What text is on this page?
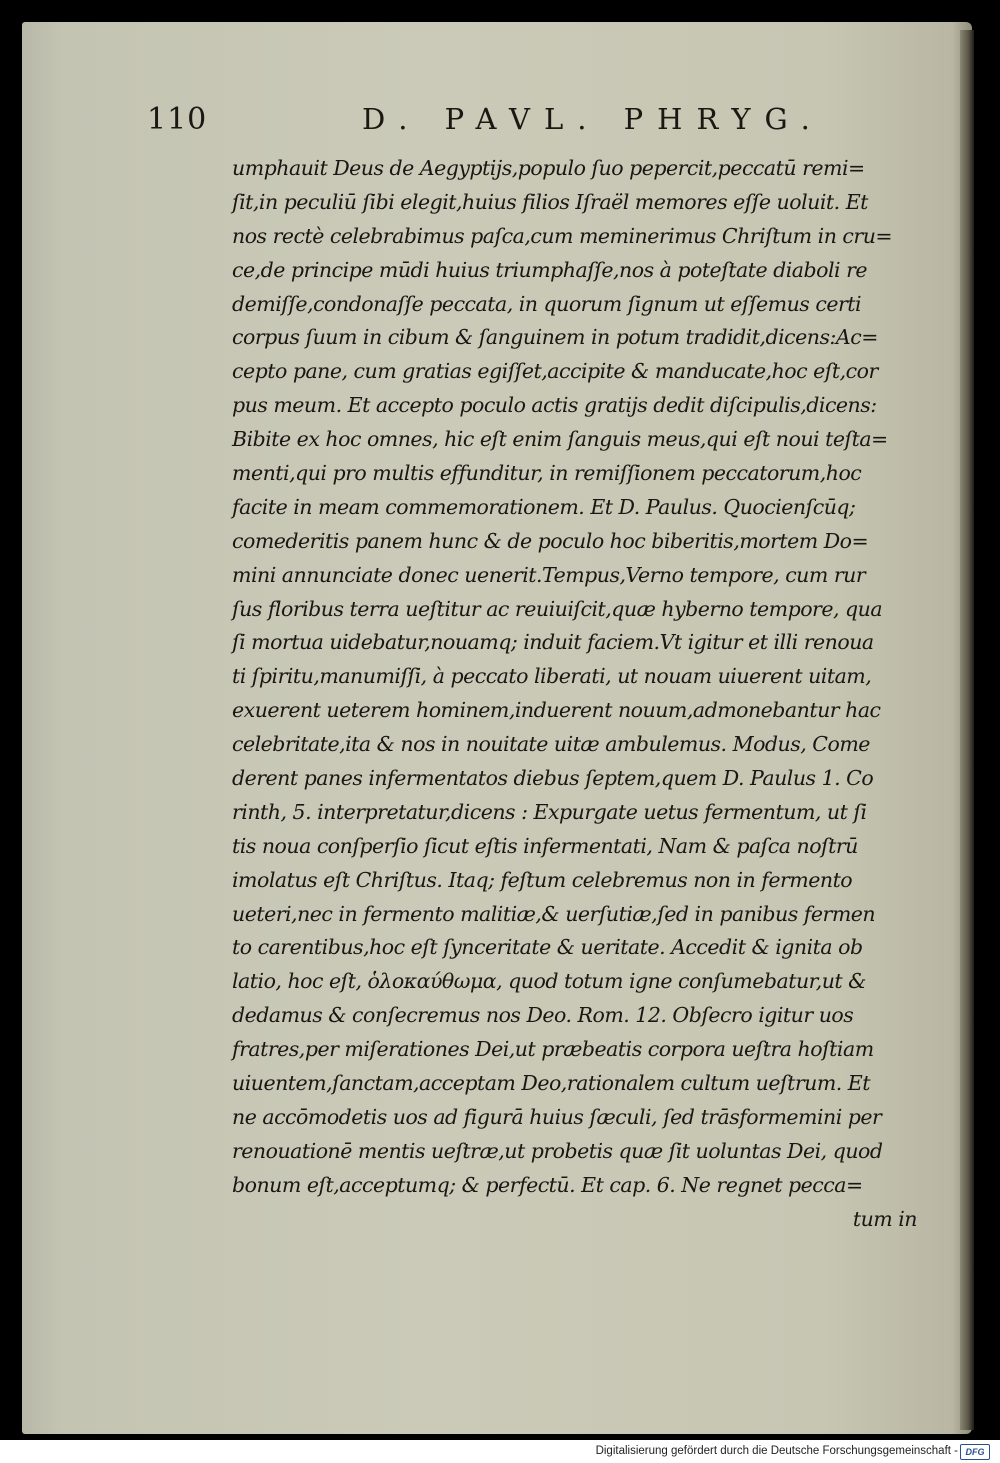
110	D. PAVL. PHRYG.
umphauit Deus de Aegyptijs,populo ſuo pepercit,peccatū remi=
ſit,in peculiū ſibi elegit,huius filios Iſraël memores eſſe uoluit. Et
nos rectè celebrabimus paſca,cum meminerimus Chriſtum in cru=
ce,de principe mūdi huius triumphaſſe,nos à poteſtate diaboli re
demiſſe,condonaſſe peccata, in quorum ſignum ut eſſemus certi
corpus ſuum in cibum & ſanguinem in potum tradidit,dicens:Ac=
cepto pane, cum gratias egiſſet,accipite & manducate,hoc eſt,cor
pus meum. Et accepto poculo actis gratijs dedit diſcipulis,dicens:
Bibite ex hoc omnes, hic eſt enim ſanguis meus,qui eſt noui teſta=
menti,qui pro multis effunditur, in remiſſionem peccatorum,hoc
facite in meam commemorationem. Et D. Paulus. Quocienſcūq;
comederitis panem hunc & de poculo hoc biberitis,mortem Do=
mini annunciate donec uenerit.Tempus,Verno tempore, cum rur
ſus floribus terra ueſtitur ac reuiuiſcit,quæ hyberno tempore, qua
ſi mortua uidebatur,nouamq; induit faciem.Vt igitur et illi renoua
ti ſpiritu,manumiſſi, à peccato liberati, ut nouam uiuerent uitam,
exuerent ueterem hominem,induerent nouum,admonebantur hac
celebritate,ita & nos in nouitate uitæ ambulemus. Modus, Come
derent panes infermentatos diebus ſeptem,quem D. Paulus 1. Co
rinth, 5. interpretatur,dicens : Expurgate uetus fermentum, ut ſi
tis noua conſperſio ſicut eſtis infermentati, Nam & paſca noſtrū
imolatus eſt Chriſtus. Itaq; feſtum celebremus non in fermento
ueteri,nec in fermento malitiæ,& uerſutiæ,ſed in panibus fermen
to carentibus,hoc eſt ſynceritate & ueritate. Accedit & ignita ob
latio, hoc eſt, ὁλοκαύθωμα, quod totum igne conſumebatur,ut &
dedamus & conſecremus nos Deo. Rom. 12. Obſecro igitur uos
fratres,per miſerationes Dei,ut præbeatis corpora ueſtra hoſtiam
uiuentem,ſanctam,acceptam Deo,rationalem cultum ueſtrum. Et
ne accōmodetis uos ad figurā huius ſæculi, ſed trāsformemini per
renouationē mentis ueſtræ,ut probetis quæ ſit uoluntas Dei, quod
bonum eſt,acceptumq; & perfectū. Et cap. 6. Ne regnet pecca=
tum in
Digitalisierung gefördert durch die Deutsche Forschungsgemeinschaft - DFG
